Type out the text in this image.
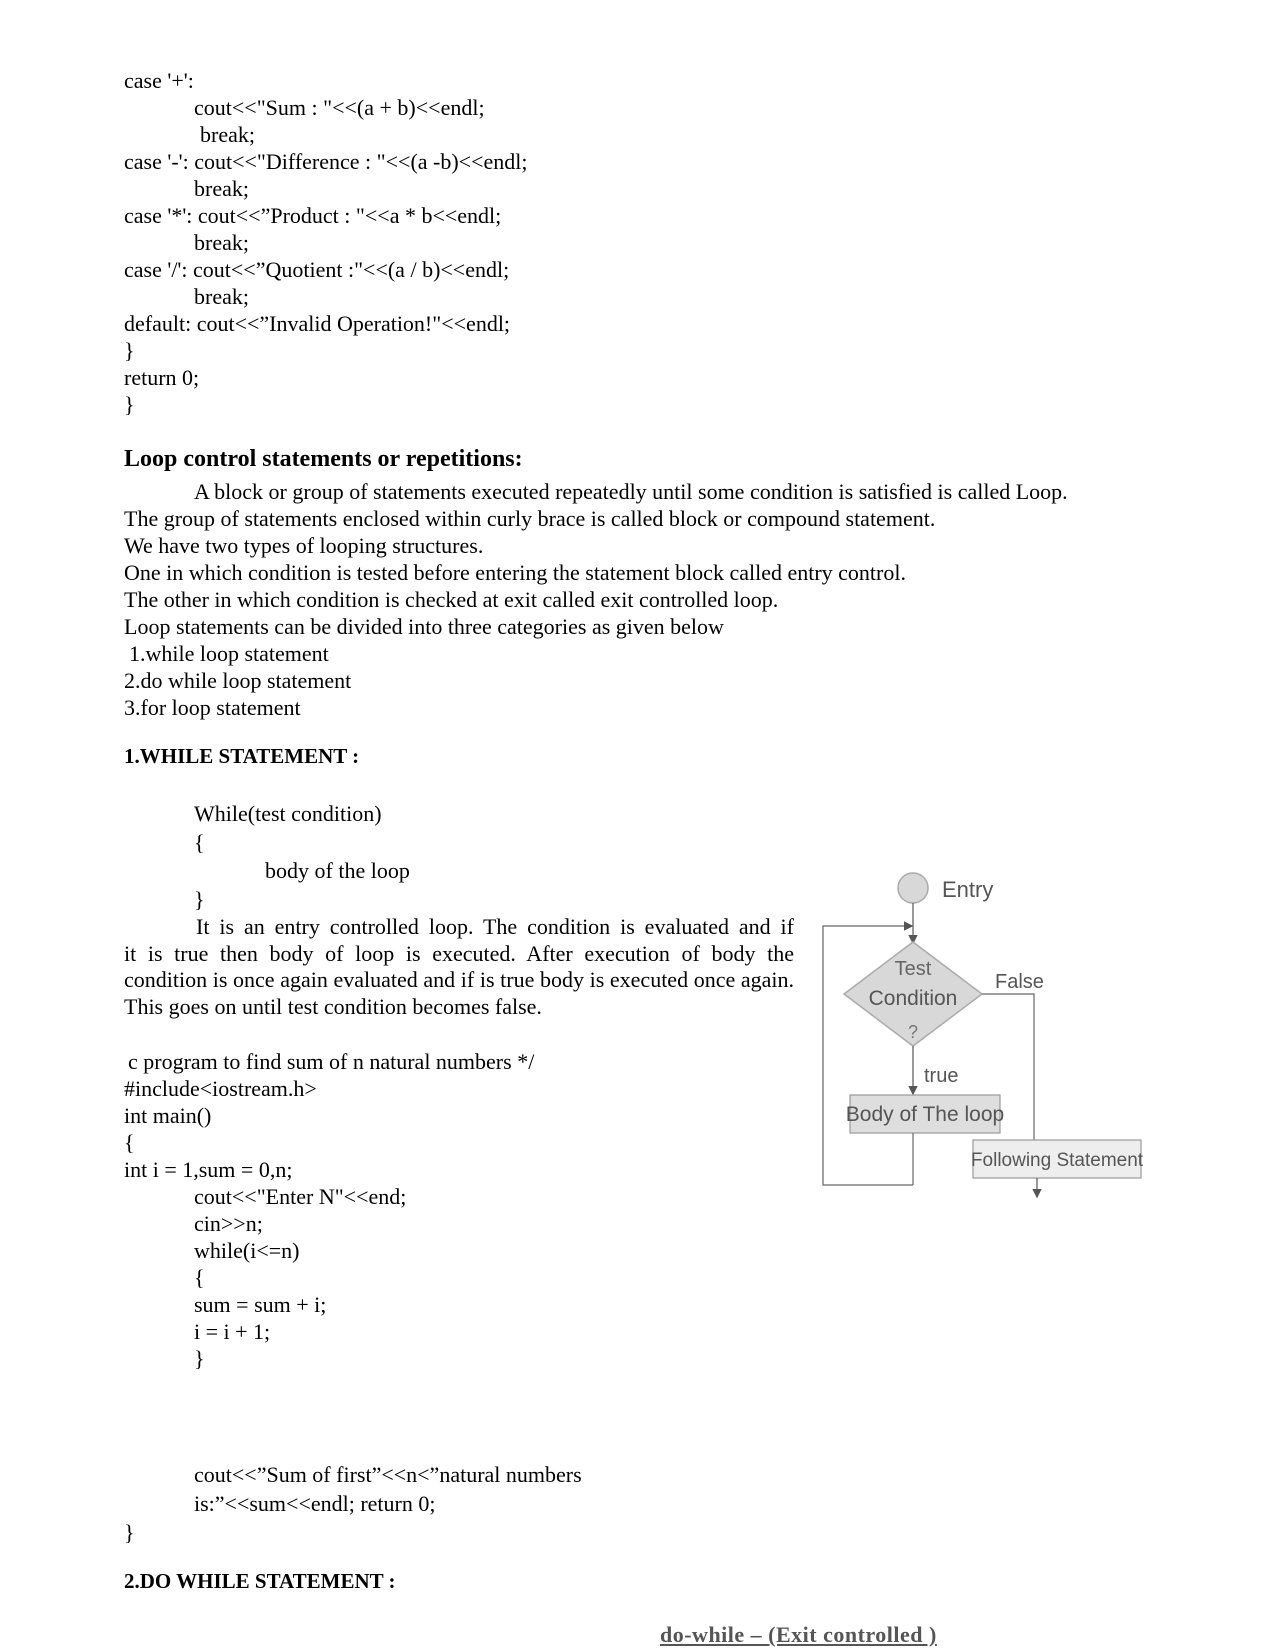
case '+':
cout<<"Sum : "<<(a + b)<<endl;
break;
case '-': cout<<"Difference : "<<(a -b)<<endl;
break;
case '*': cout<<”Product : "<<a * b<<endl;
break;
case '/': cout<<”Quotient :"<<(a / b)<<endl;
break;
default: cout<<”Invalid Operation!"<<endl;
}
return 0;
}
Loop control statements or repetitions:
A block or group of statements executed repeatedly until some condition is satisfied is called Loop.
The group of statements enclosed within curly brace is called block or compound statement.
We have two types of looping structures.
One in which condition is tested before entering the statement block called entry control.
The other in which condition is checked at exit called exit controlled loop.
Loop statements can be divided into three categories as given below
1.while loop statement
2.do while loop statement
3.for loop statement
1.WHILE STATEMENT :
While(test condition)
{
body of the loop
}

It is an entry controlled loop. The condition is evaluated and if

it is true then body of loop is executed. After execution of body the condition is once again evaluated and if is true body is executed once again. This goes on until test condition becomes false.

c program to find sum of n natural numbers */
#include<iostream.h>
int main()
{
int i = 1,sum = 0,n;
cout<<"Enter N"<<end;
cin>>n;
while(i<=n)
{
sum = sum + i;
i = i + 1;
}
cout<<”Sum of first”<<n<”natural numbers
is:”<<sum<<endl; return 0;
}
2.DO WHILE STATEMENT :
do-while – (Exit controlled )
Entry
Test
Condition
?
False
true
Body of The loop
Following Statement
